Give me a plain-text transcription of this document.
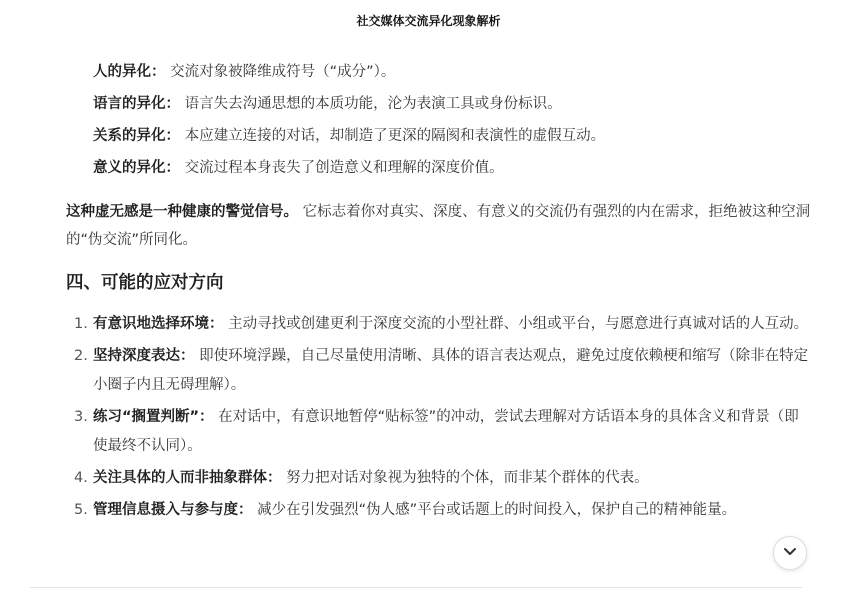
社交媒体交流异化现象解析
人的异化： 交流对象被降维成符号（“成分”）。
语言的异化： 语言失去沟通思想的本质功能，沦为表演工具或身份标识。
关系的异化： 本应建立连接的对话，却制造了更深的隔阂和表演性的虚假互动。
意义的异化： 交流过程本身丧失了创造意义和理解的深度价值。

这种虚无感是一种健康的警觉信号。 它标志着你对真实、深度、有意义的交流仍有强烈的内在需求，拒绝被这种空洞的“伪交流”所同化。

四、可能的应对方向
1. 有意识地选择环境： 主动寻找或创建更利于深度交流的小型社群、小组或平台，与愿意进行真诚对话的人互动。
2. 坚持深度表达： 即使环境浮躁，自己尽量使用清晰、具体的语言表达观点，避免过度依赖梗和缩写（除非在特定小圈子内且无碍理解）。
3. 练习“搁置判断”： 在对话中，有意识地暂停“贴标签”的冲动，尝试去理解对方话语本身的具体含义和背景（即使最终不认同）。
4. 关注具体的人而非抽象群体： 努力把对话对象视为独特的个体，而非某个群体的代表。
5. 管理信息摄入与参与度： 减少在引发强烈“伪人感”平台或话题上的时间投入，保护自己的精神能量。
